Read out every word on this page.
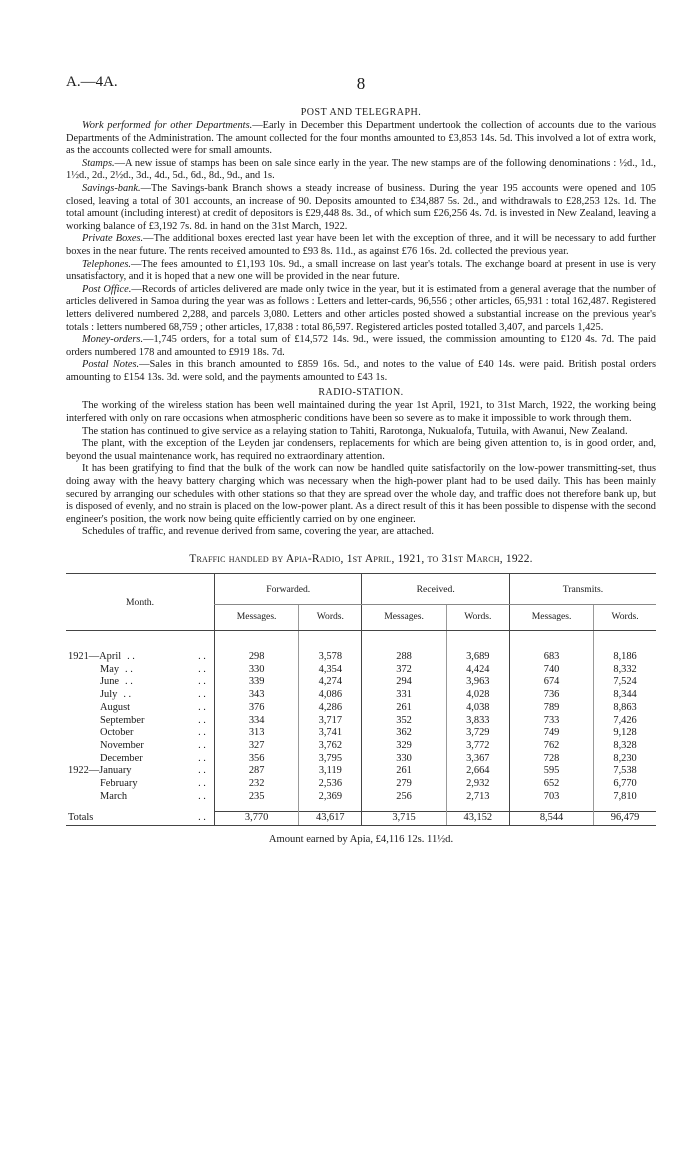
A.—4A.	8
POST AND TELEGRAPH.

Work performed for other Departments.—Early in December this Department undertook the collection of accounts due to the various Departments of the Administration. The amount collected for the four months amounted to £3,853 14s. 5d. This involved a lot of extra work, as the accounts collected were for small amounts.

Stamps.—A new issue of stamps has been on sale since early in the year. The new stamps are of the following denominations : ½d., 1d., 1½d., 2d., 2½d., 3d., 4d., 5d., 6d., 8d., 9d., and 1s.

Savings-bank.—The Savings-bank Branch shows a steady increase of business. During the year 195 accounts were opened and 105 closed, leaving a total of 301 accounts, an increase of 90. Deposits amounted to £34,887 5s. 2d., and withdrawals to £28,253 12s. 1d. The total amount (including interest) at credit of depositors is £29,448 8s. 3d., of which sum £26,256 4s. 7d. is invested in New Zealand, leaving a working balance of £3,192 7s. 8d. in hand on the 31st March, 1922.

Private Boxes.—The additional boxes erected last year have been let with the exception of three, and it will be necessary to add further boxes in the near future. The rents received amounted to £93 8s. 11d., as against £76 16s. 2d. collected the previous year.

Telephones.—The fees amounted to £1,193 10s. 9d., a small increase on last year's totals. The exchange board at present in use is very unsatisfactory, and it is hoped that a new one will be provided in the near future.

Post Office.—Records of articles delivered are made only twice in the year, but it is estimated from a general average that the number of articles delivered in Samoa during the year was as follows : Letters and letter-cards, 96,556 ; other articles, 65,931 : total 162,487. Registered letters delivered numbered 2,288, and parcels 3,080. Letters and other articles posted showed a substantial increase on the previous year's totals : letters numbered 68,759 ; other articles, 17,838 : total 86,597. Registered articles posted totalled 3,407, and parcels 1,425.

Money-orders.—1,745 orders, for a total sum of £14,572 14s. 9d., were issued, the commission amounting to £120 4s. 7d. The paid orders numbered 178 and amounted to £919 18s. 7d.

Postal Notes.—Sales in this branch amounted to £859 16s. 5d., and notes to the value of £40 14s. were paid. British postal orders amounting to £154 13s. 3d. were sold, and the payments amounted to £43 1s.

RADIO-STATION.

The working of the wireless station has been well maintained during the year 1st April, 1921, to 31st March, 1922, the working being interfered with only on rare occasions when atmospheric conditions have been so severe as to make it impossible to work through them.

The station has continued to give service as a relaying station to Tahiti, Rarotonga, Nukualofa, Tutuila, with Awanui, New Zealand.

The plant, with the exception of the Leyden jar condensers, replacements for which are being given attention to, is in good order, and, beyond the usual maintenance work, has required no extraordinary attention.

It has been gratifying to find that the bulk of the work can now be handled quite satisfactorily on the low-power transmitting-set, thus doing away with the heavy battery charging which was necessary when the high-power plant had to be used daily. This has been mainly secured by arranging our schedules with other stations so that they are spread over the whole day, and traffic does not therefore bank up, but is disposed of evenly, and no strain is placed on the low-power plant. As a direct result of this it has been possible to dispense with the second engineer's position, the work now being quite efficiently carried on by one engineer.

Schedules of traffic, and revenue derived from same, covering the year, are attached.

Traffic handled by Apia-Radio, 1st April, 1921, to 31st March, 1922.
Month.		Forwarded.		Received.		Transmits.	
		Messages.	Words.	Messages.	Words.	Messages.	Words.

1921—April . .	. .	298	3,578	288	3,689	683	8,186
May . .	. .	330	4,354	372	4,424	740	8,332
June . .	. .	339	4,274	294	3,963	674	7,524
July . .	. .	343	4,086	331	4,028	736	8,344
August	. .	376	4,286	261	4,038	789	8,863
September	. .	334	3,717	352	3,833	733	7,426
October	. .	313	3,741	362	3,729	749	9,128
November	. .	327	3,762	329	3,772	762	8,328
December	. .	356	3,795	330	3,367	728	8,230
1922—January	. .	287	3,119	261	2,664	595	7,538
February	. .	232	2,536	279	2,932	652	6,770
March	. .	235	2,369	256	2,713	703	7,810

Totals	. .	3,770	43,617	3,715	43,152	8,544	96,479
Amount earned by Apia, £4,116 12s. 11½d.
